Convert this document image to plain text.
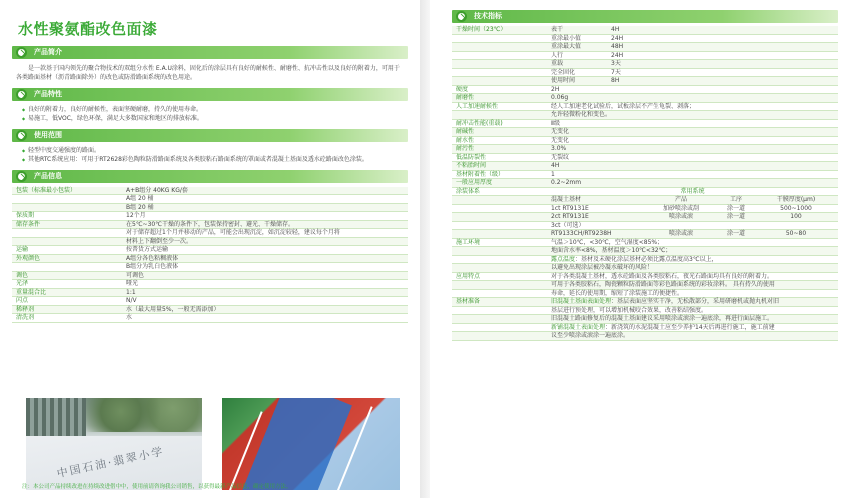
水性聚氨酯改色面漆
产品简介
是一款基于国内领先的聚合物技术的双组分水性 E.A.U涂料，固化后的涂层具有良好的耐候性、耐磨性、抗冲击性以及良好的附着力，可用于各类路面基材（沥青路面除外）的改色或防滑路面系统的改色用途。
产品特性
◆ 良好的附着力，良好的耐候性，表面坚硬耐磨，持久的使用寿命。
◆ 易施工，低VOC，绿色环保，满足大多数国家和地区的排放标准。
使用范围
◆ 轻型中度交通强度的路面。
◆ 其他RTC系统应用：可用于RT2628彩色陶粒防滑路面系统及各类胶粘石路面系统的罩面或者混凝土基面及透水砼路面改色涂装。
产品信息
包装（标准最小包装）	A+B组分 40KG KG/套
	A组 20 桶
	B组 20 桶
保质期	12个月
储存条件	在5℃~30℃干燥的条件下，包装保持密封、避光、干燥储存。
	对于储存超过1个月并移动的产品，可能会出现沉淀，如沉淀较轻，建议每个月将
	材料上下翻倒至少一次。
运输	按普货方式运输
外观颜色	A组分各色粘稠液体
	B组分为乳白色液体
调色	可调色
光泽	哑光
重量混合比	1:1
闪点	N/V
稀释剂	水（最大用量5%，一般无需添加）
清洗剂	水
中国石油·翡翠小学
技术指标
干燥时间（23℃）	表干 4H
	重涂最小值 24H
	重涂最大值 48H
	人行 24H
	重载 3天
	完全固化 7天
	使用时间 8H
硬度	2H
耐磨性	0.06g
人工加速耐候性	经人工加速老化试验后，试板涂层不产生龟裂、剥落；
	允许轻微粉化和变色。
耐冲击性能(重载)	Ⅱ级
耐碱性	无变化
耐水性	无变化
耐污性	3.0%
低温防裂性	无裂纹
不粘胎时间	4H
基材附着性（级）	1
一般应用厚度	0.2~2mm
涂装体系	常用系统

	混凝土基材 产品 工序 干膜厚度(μm)

	1ct RT9131E 加砂喷涂或刮 涂一道 500~1000

	2ct RT9131E 喷涂或滚 涂一道 100

	3ct（可选）

	RT9133CH/RT9238H 喷涂或滚 涂一道 50~80

施工环境	气温＞10℃，<30℃，空气湿度<85%；
	地面含水率<8%，基材温度＞10℃<32℃；
	露点温度：基材及未硬化涂层基材必须比露点温度高3℃以上，
	以避免出现涂层被冷凝水破坏的风险！
应用特点	对于各类混凝土基材，透水砼路面及各类胶粘石，夜光石路面均具有良好的附着力。
	可用于各类胶粘石，陶瓷颗粒防滑路面等彩色路面系统的彩妆涂料。 具有持久的使用
	寿命，延长的使用期，缩短了涂装施工的便捷性。
基材准备	旧混凝土基面表面处理：基层表面应坚实干净，无松散部分，采用研磨机或抛丸机对旧
	基层进行预处理，可以增加机械咬合效果，改善粘结强度。
	旧混凝土路面修复后的混凝土基面建议采用喷涂或滚涂一遍底涂，再进行面层施工。
	新铺混凝土表面处理：新浇筑的水泥混凝土应至少养护14天后再进行施工，施工前建
	议至少喷涂或滚涂一遍底涂。
注：本公司产品持续改进在持续改进借中中，使用前请咨询我公司销售，以获得最新产品信息，确定使用方法。
